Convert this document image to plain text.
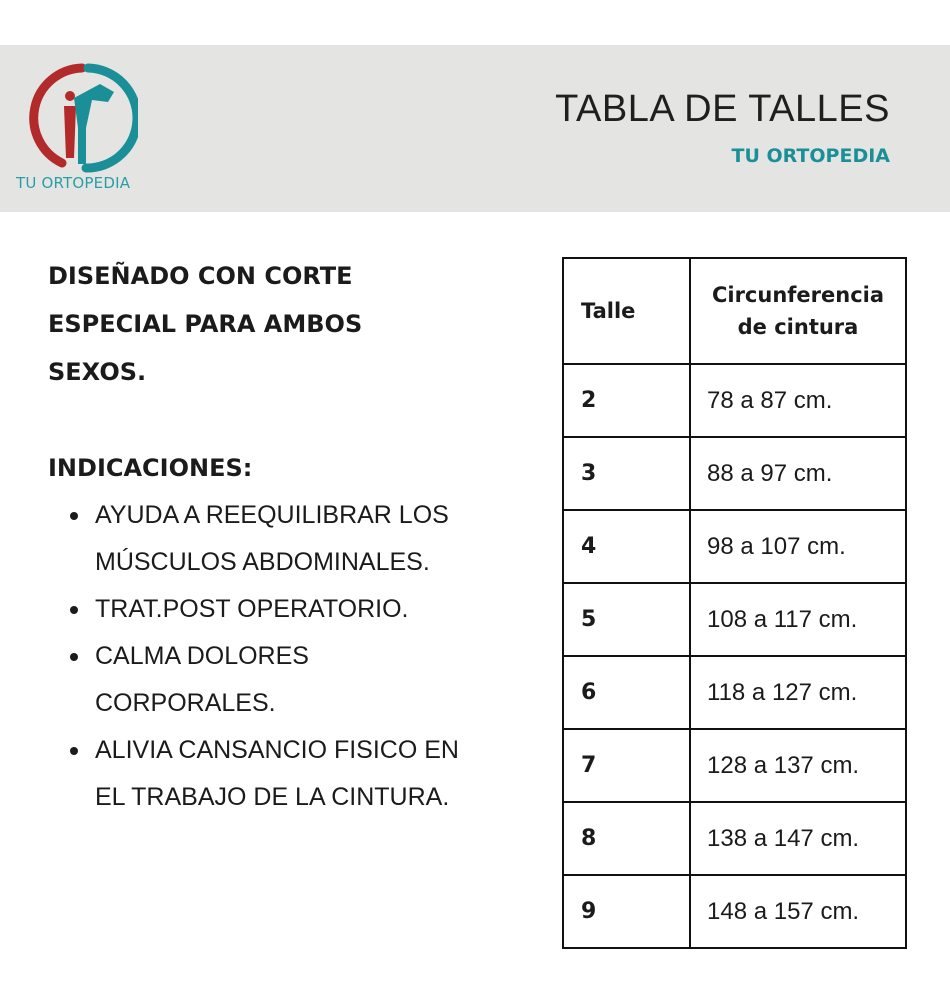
TU ORTOPEDIA
TABLA DE TALLES
TU ORTOPEDIA

DISEÑADO CON CORTE ESPECIAL PARA AMBOS SEXOS.

INDICACIONES:
AYUDA A REEQUILIBRAR LOS MÚSCULOS ABDOMINALES.
TRAT.POST OPERATORIO.
CALMA DOLORES CORPORALES.
ALIVIA CANSANCIO FISICO EN EL TRABAJO DE LA CINTURA.
Talle	Circunferencia
de cintura
2	78 a 87 cm.
3	88 a 97 cm.
4	98 a 107 cm.
5	108 a 117 cm.
6	118 a 127 cm.
7	128 a 137 cm.
8	138 a 147 cm.
9	148 a 157 cm.
